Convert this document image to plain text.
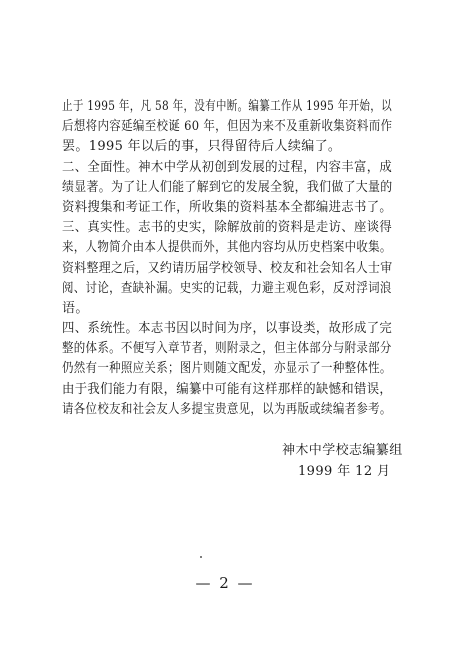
止于 1995 年，凡 58 年，没有中断。编纂工作从 1995 年开始，以
后想将内容延编至校诞 60 年，但因为来不及重新收集资料而作
罢。1995 年以后的事，只得留待后人续编了。
二、全面性。神木中学从初创到发展的过程，内容丰富，成
绩显著。为了让人们能了解到它的发展全貌，我们做了大量的
资料搜集和考证工作，所收集的资料基本全都编进志书了。
三、真实性。志书的史实，除解放前的资料是走访、座谈得
来，人物简介由本人提供而外，其他内容均从历史档案中收集。
资料整理之后，又约请历届学校领导、校友和社会知名人士审
阅、讨论，查缺补漏。史实的记载，力避主观色彩，反对浮词浪
语。
四、系统性。本志书因以时间为序，以事设类，故形成了完
整的体系。不便写入章节者，则附录之，但主体部分与附录部分
仍然有一种照应关系；图片则随文配发，亦显示了一种整体性。
由于我们能力有限，编纂中可能有这样那样的缺憾和错误，
请各位校友和社会友人多提宝贵意见，以为再版或续编者参考。
神木中学校志编纂组
1999 年 12 月
— 2 —
